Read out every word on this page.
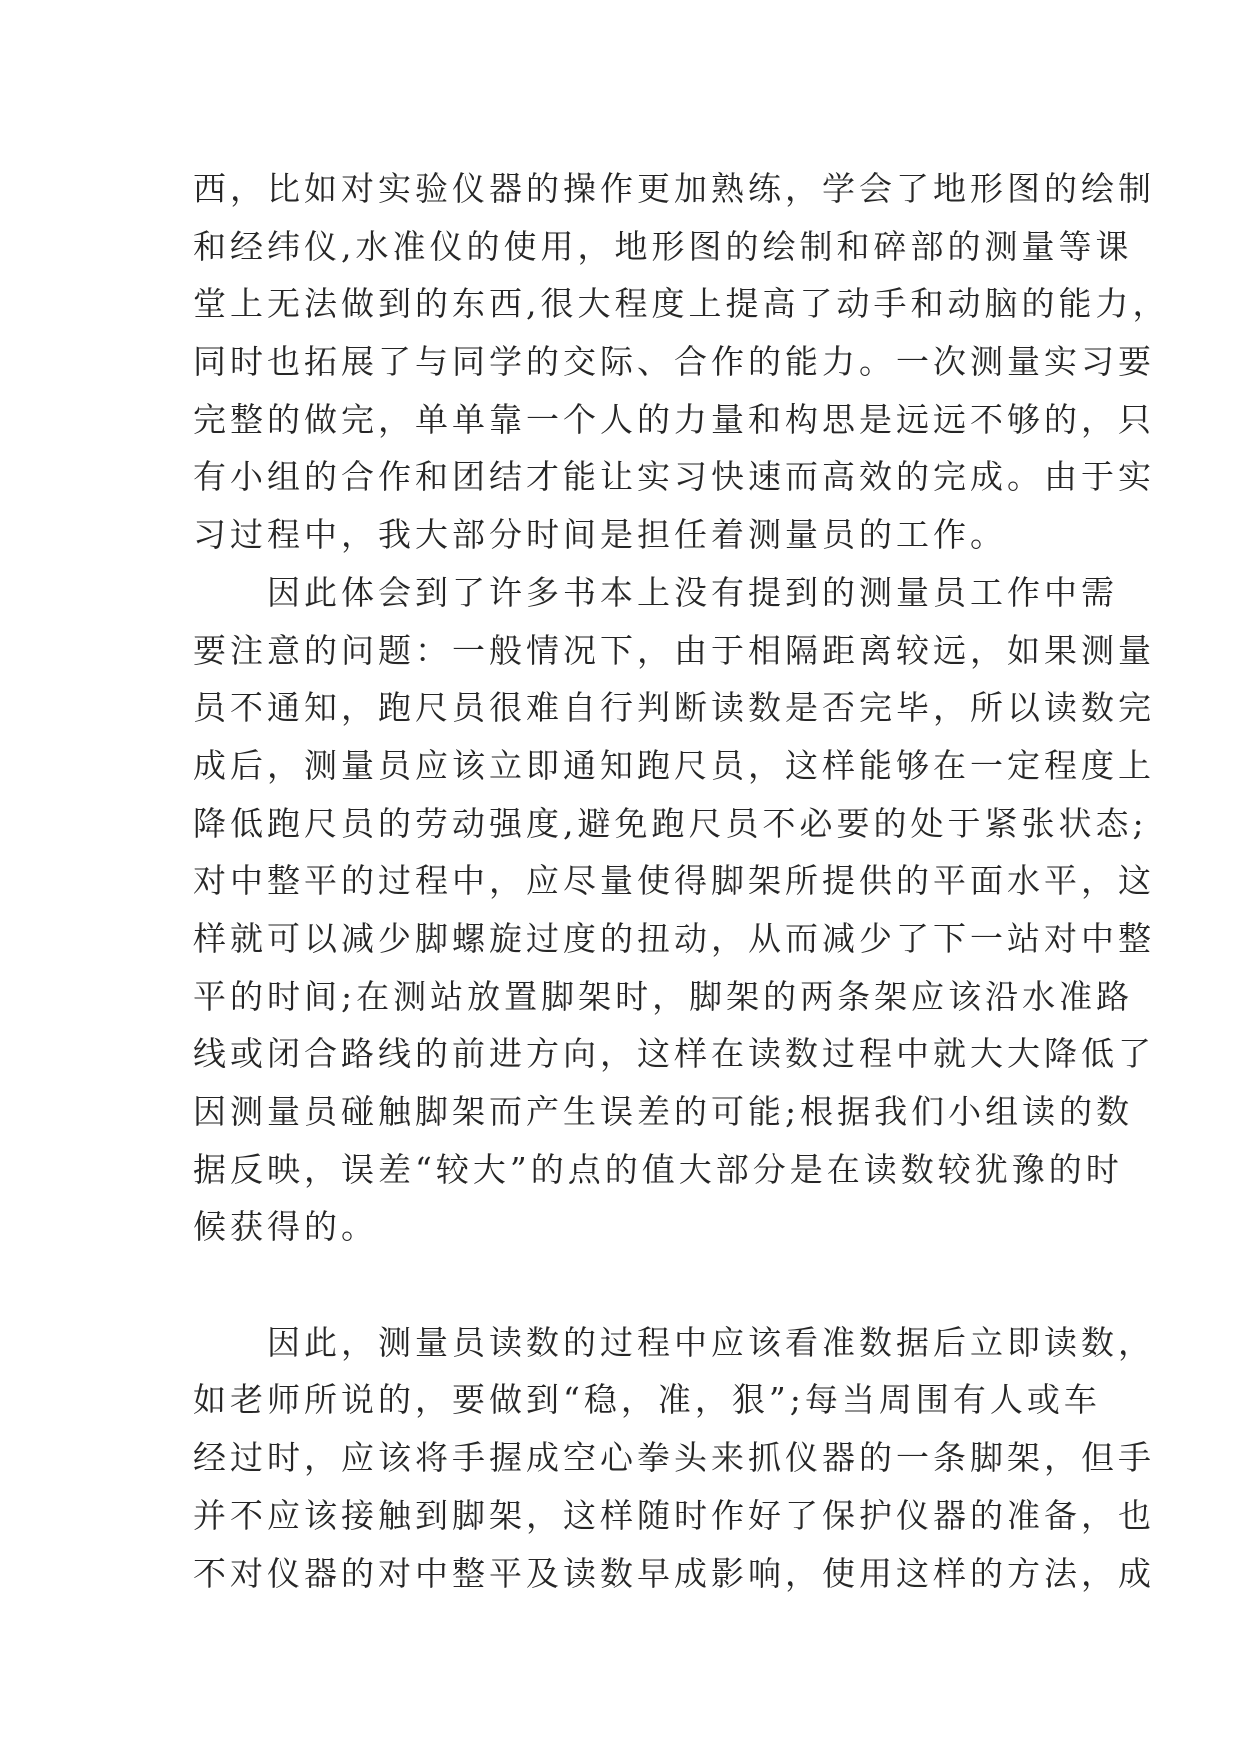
西，比如对实验仪器的操作更加熟练，学会了地形图的绘制
和经纬仪,水准仪的使用，地形图的绘制和碎部的测量等课
堂上无法做到的东西,很大程度上提高了动手和动脑的能力，
同时也拓展了与同学的交际、合作的能力。一次测量实习要
完整的做完，单单靠一个人的力量和构思是远远不够的，只
有小组的合作和团结才能让实习快速而高效的完成。由于实
习过程中，我大部分时间是担任着测量员的工作。
　　因此体会到了许多书本上没有提到的测量员工作中需
要注意的问题：一般情况下，由于相隔距离较远，如果测量
员不通知，跑尺员很难自行判断读数是否完毕，所以读数完
成后，测量员应该立即通知跑尺员，这样能够在一定程度上
降低跑尺员的劳动强度,避免跑尺员不必要的处于紧张状态;
对中整平的过程中，应尽量使得脚架所提供的平面水平，这
样就可以减少脚螺旋过度的扭动，从而减少了下一站对中整
平的时间;在测站放置脚架时，脚架的两条架应该沿水准路
线或闭合路线的前进方向，这样在读数过程中就大大降低了
因测量员碰触脚架而产生误差的可能;根据我们小组读的数
据反映，误差“较大”的点的值大部分是在读数较犹豫的时
候获得的。
　　因此，测量员读数的过程中应该看准数据后立即读数，
如老师所说的，要做到“稳，准，狠”;每当周围有人或车
经过时，应该将手握成空心拳头来抓仪器的一条脚架，但手
并不应该接触到脚架，这样随时作好了保护仪器的准备，也
不对仪器的对中整平及读数早成影响，使用这样的方法，成
